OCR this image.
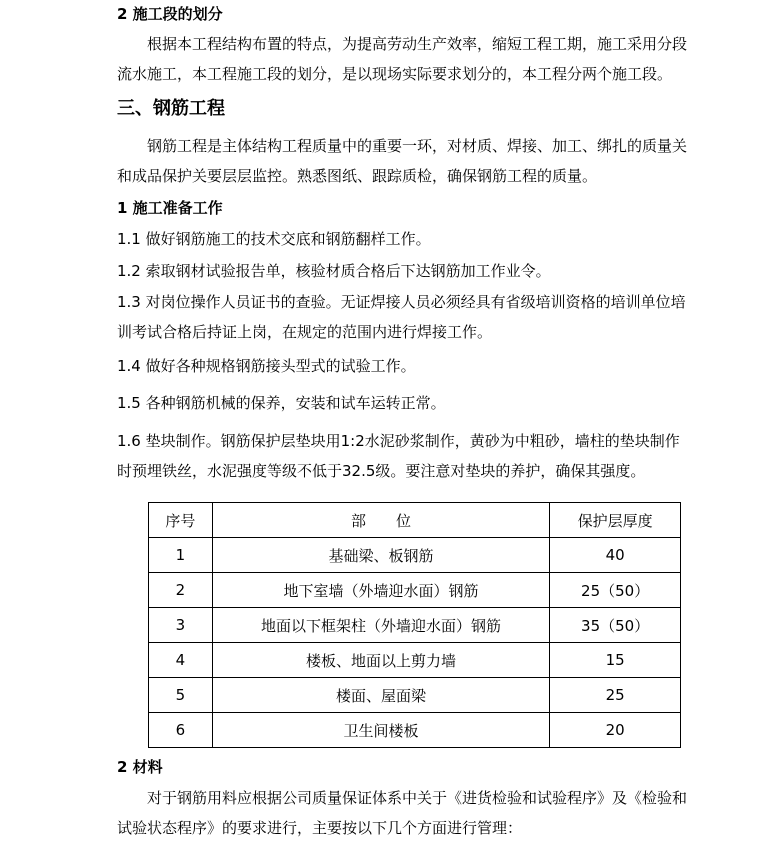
2 施工段的划分
根据本工程结构布置的特点，为提高劳动生产效率，缩短工程工期，施工采用分段
流水施工，本工程施工段的划分，是以现场实际要求划分的，本工程分两个施工段。
三、钢筋工程
钢筋工程是主体结构工程质量中的重要一环，对材质、焊接、加工、绑扎的质量关
和成品保护关要层层监控。熟悉图纸、跟踪质检，确保钢筋工程的质量。
1 施工准备工作
1.1 做好钢筋施工的技术交底和钢筋翻样工作。
1.2 索取钢材试验报告单，核验材质合格后下达钢筋加工作业令。
1.3 对岗位操作人员证书的查验。无证焊接人员必须经具有省级培训资格的培训单位培
训考试合格后持证上岗，在规定的范围内进行焊接工作。
1.4 做好各种规格钢筋接头型式的试验工作。
1.5 各种钢筋机械的保养，安装和试车运转正常。
1.6 垫块制作。钢筋保护层垫块用1:2水泥砂浆制作，黄砂为中粗砂，墙柱的垫块制作
时预埋铁丝，水泥强度等级不低于32.5级。要注意对垫块的养护，确保其强度。
序号	部　　位	保护层厚度
1	基础梁、板钢筋	40
2	地下室墙（外墙迎水面）钢筋	25（50）
3	地面以下框架柱（外墙迎水面）钢筋	35（50）
4	楼板、地面以上剪力墙	15
5	楼面、屋面梁	25
6	卫生间楼板	20
2 材料
对于钢筋用料应根据公司质量保证体系中关于《进货检验和试验程序》及《检验和
试验状态程序》的要求进行，主要按以下几个方面进行管理：
